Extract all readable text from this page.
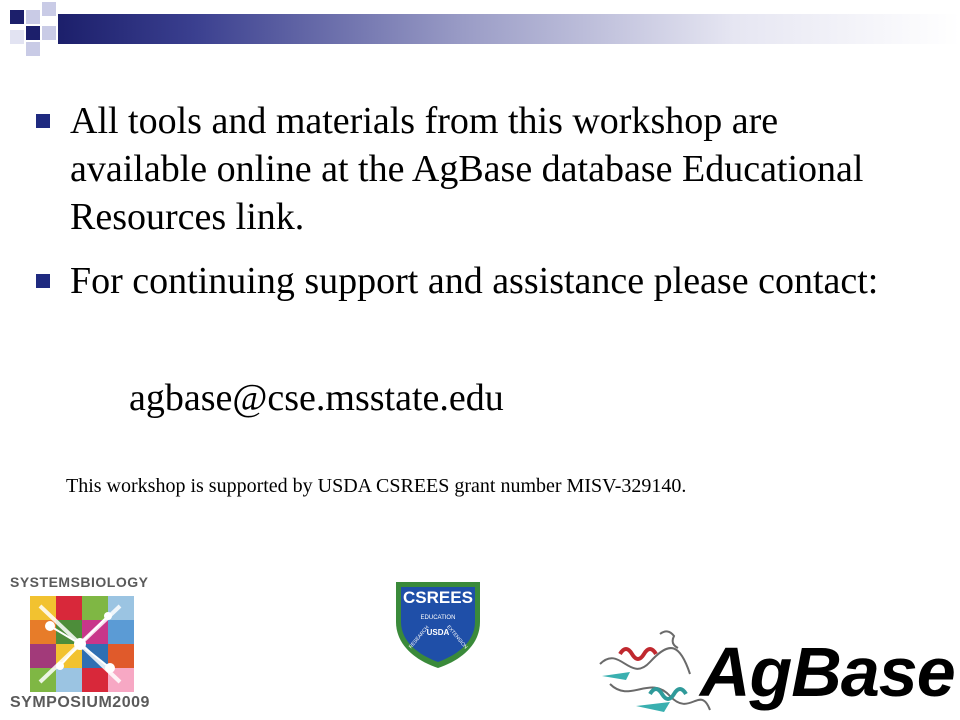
All tools and materials from this workshop are available online at the AgBase database Educational Resources link.
For continuing support and assistance please contact:
agbase@cse.msstate.edu
This workshop is supported by USDA CSREES grant number MISV-329140.
SYSTEMSBIOLOGY
SYMPOSIUM2009
CSREES
EDUCATION
RESEARCH	EXTENSION
USDA
AgBase
